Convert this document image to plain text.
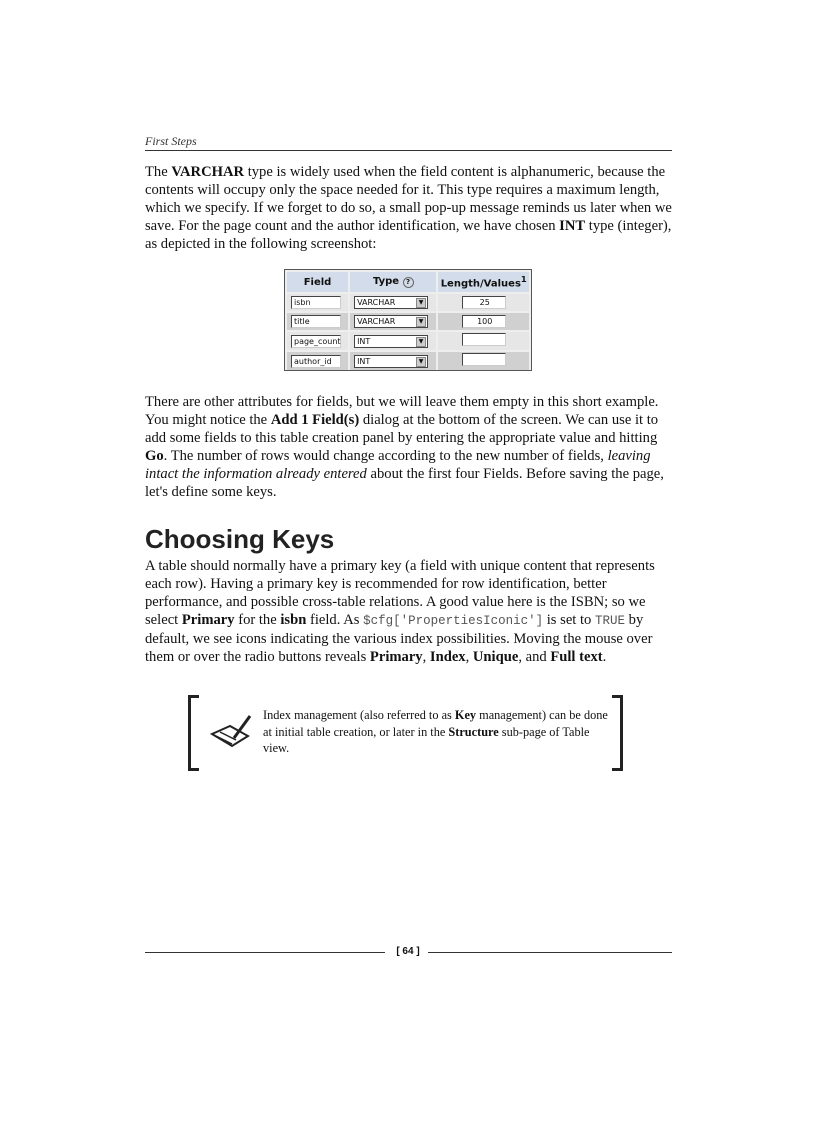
First Steps
The VARCHAR type is widely used when the field content is alphanumeric, because the contents will occupy only the space needed for it. This type requires a maximum length, which we specify. If we forget to do so, a small pop-up message reminds us later when we save. For the page count and the author identification, we have chosen INT type (integer), as depicted in the following screenshot:
Field	Type ?	Length/Values$^1$
isbn	VARCHAR ▼	25
title	VARCHAR ▼	100
page_count	INT ▼	

author_id	INT ▼	

There are other attributes for fields, but we will leave them empty in this short example. You might notice the Add 1 Field(s) dialog at the bottom of the screen. We can use it to add some fields to this table creation panel by entering the appropriate value and hitting Go. The number of rows would change according to the new number of fields, leaving intact the information already entered about the first four Fields. Before saving the page, let's define some keys.
Choosing Keys
A table should normally have a primary key (a field with unique content that represents each row). Having a primary key is recommended for row identification, better performance, and possible cross-table relations. A good value here is the ISBN; so we select Primary for the isbn field. As $cfg['PropertiesIconic'] is set to TRUE by default, we see icons indicating the various index possibilities. Moving the mouse over them or over the radio buttons reveals Primary, Index, Unique, and Full text.
Index management (also referred to as Key management) can be done at initial table creation, or later in the Structure sub-page of Table view.
[ 64 ]
